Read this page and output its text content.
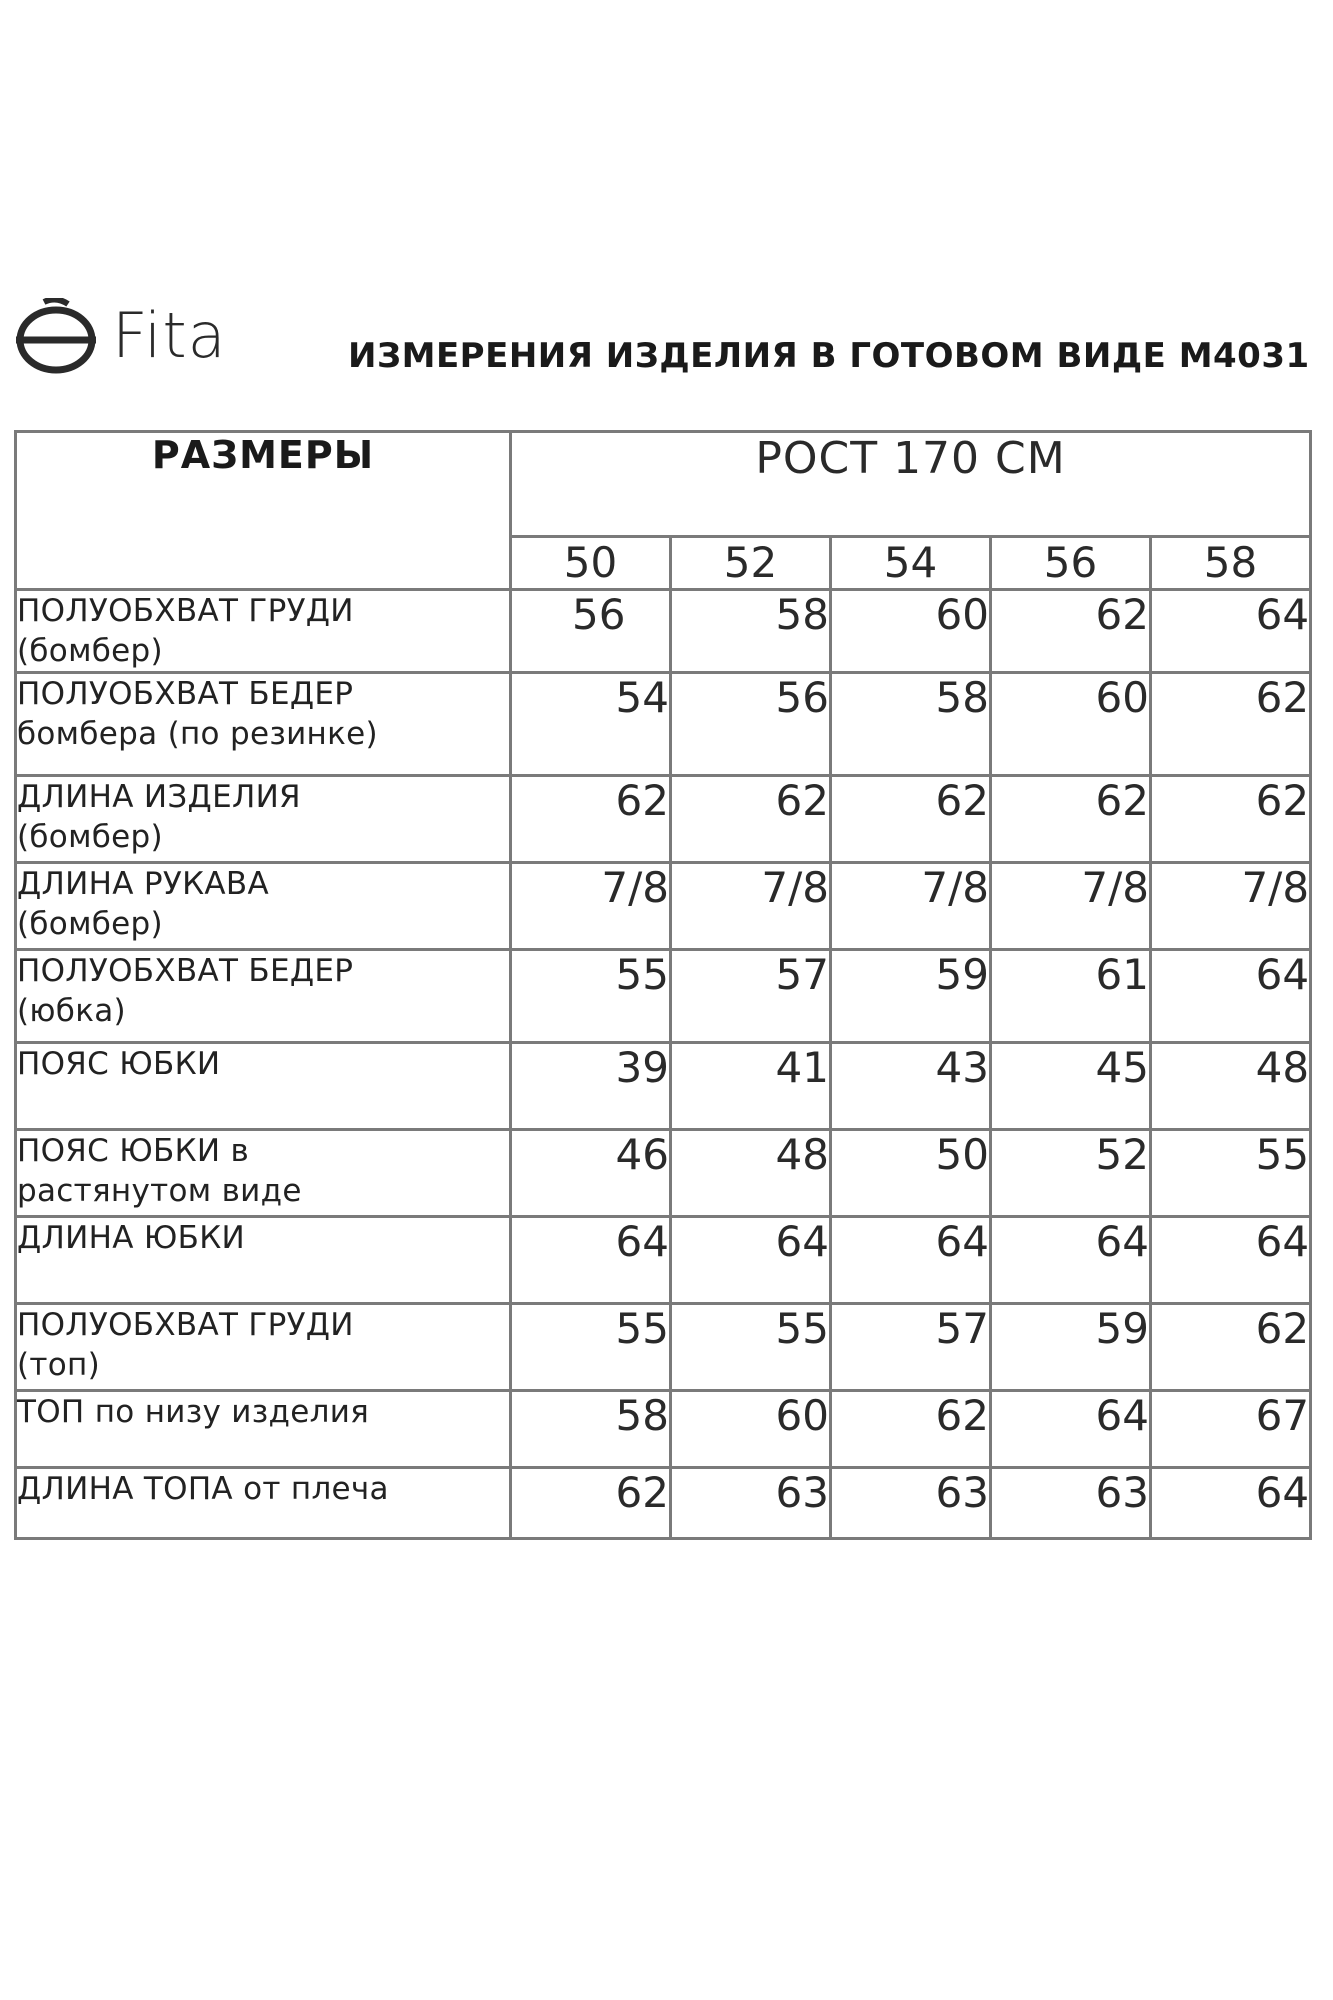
Fita	ИЗМЕРЕНИЯ ИЗДЕЛИЯ В ГОТОВОМ ВИДЕ M4031
РАЗМЕРЫ	РОСТ 170 СМ				
	50	52	54	56	58

ПОЛУОБХВАТ ГРУДИ
(бомбер)	56	58	60	62	64

ПОЛУОБХВАТ БЕДЕР
бомбера (по резинке)	54	56	58	60	62

ДЛИНА ИЗДЕЛИЯ
(бомбер)	62	62	62	62	62

ДЛИНА РУКАВА
(бомбер)	7/8	7/8	7/8	7/8	7/8

ПОЛУОБХВАТ БЕДЕР
(юбка)	55	57	59	61	64

ПОЯС ЮБКИ	39	41	43	45	48

ПОЯС ЮБКИ в
растянутом виде	46	48	50	52	55

ДЛИНА ЮБКИ	64	64	64	64	64

ПОЛУОБХВАТ ГРУДИ
(топ)	55	55	57	59	62

ТОП по низу изделия	58	60	62	64	67

ДЛИНА ТОПА от плеча	62	63	63	63	64
